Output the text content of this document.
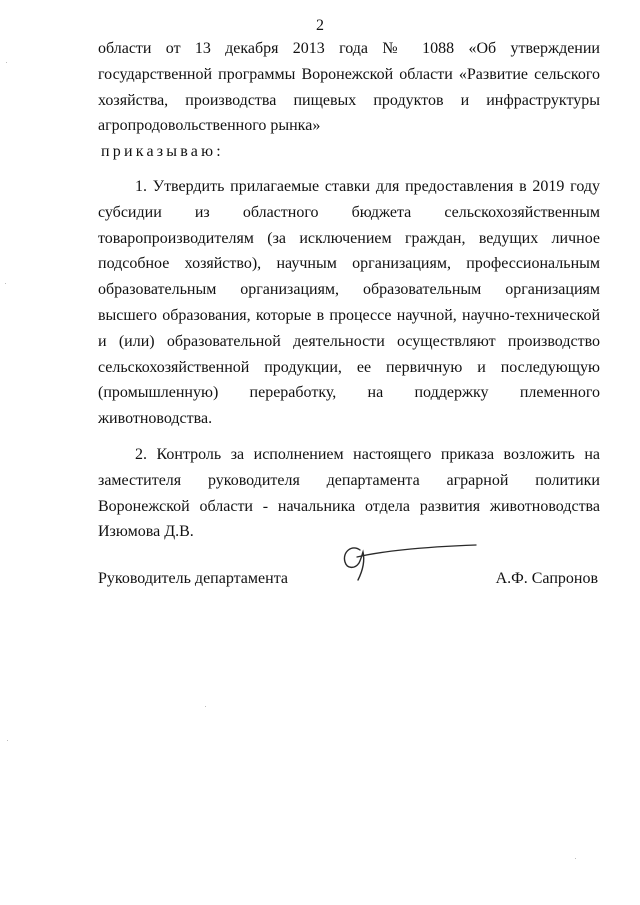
2

области от 13 декабря 2013 года № 1088 «Об утверждении государственной программы Воронежской области «Развитие сельского хозяйства, производства пищевых продуктов и инфраструктуры агропродовольственного рынка»

приказываю:

1. Утвердить прилагаемые ставки для предоставления в 2019 году субсидии из областного бюджета сельскохозяйственным товаропроизводителям (за исключением граждан, ведущих личное подсобное хозяйство), научным организациям, профессиональным образовательным организациям, образовательным организациям высшего образования, которые в процессе научной, научно-технической и (или) образовательной деятельности осуществляют производство сельскохозяйственной продукции, ее первичную и последующую (промышленную) переработку, на поддержку племенного животноводства.

2. Контроль за исполнением настоящего приказа возложить на заместителя руководителя департамента аграрной политики Воронежской области - начальника отдела развития животноводства Изюмова Д.В.

Руководитель департамента	А.Ф. Сапронов
